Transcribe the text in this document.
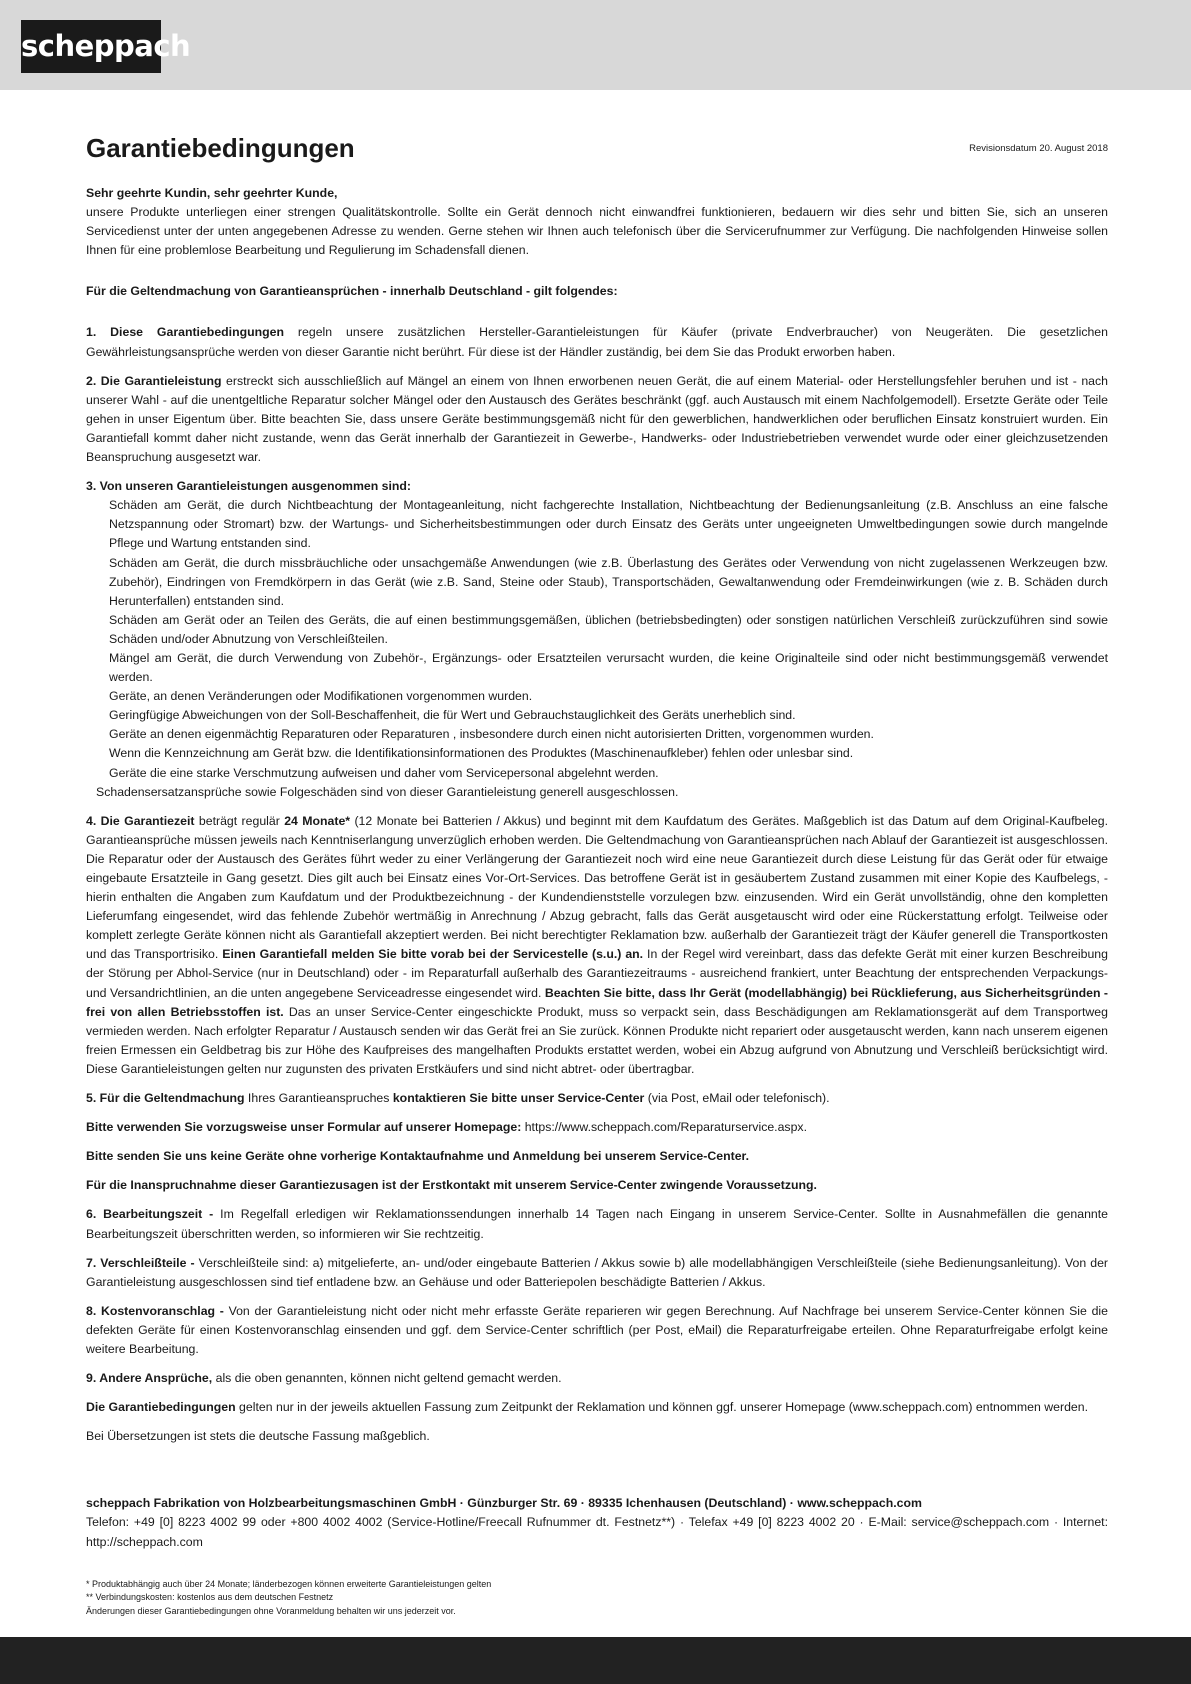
scheppach
Garantiebedingungen	Revisionsdatum 20. August 2018

Sehr geehrte Kundin, sehr geehrter Kunde,

unsere Produkte unterliegen einer strengen Qualitätskontrolle. Sollte ein Gerät dennoch nicht einwandfrei funktionieren, bedauern wir dies sehr und bitten Sie, sich an unseren Servicedienst unter der unten angegebenen Adresse zu wenden. Gerne stehen wir Ihnen auch telefonisch über die Servicerufnummer zur Verfügung. Die nachfolgenden Hinweise sollen Ihnen für eine problemlose Bearbeitung und Regulierung im Schadensfall dienen.

Für die Geltendmachung von Garantieansprüchen - innerhalb Deutschland - gilt folgendes:

1. Diese Garantiebedingungen regeln unsere zusätzlichen Hersteller-Garantieleistungen für Käufer (private Endverbraucher) von Neugeräten. Die gesetzlichen Gewährleistungsansprüche werden von dieser Garantie nicht berührt. Für diese ist der Händler zuständig, bei dem Sie das Produkt erworben haben.

2. Die Garantieleistung erstreckt sich ausschließlich auf Mängel an einem von Ihnen erworbenen neuen Gerät, die auf einem Material- oder Herstellungsfehler beruhen und ist - nach unserer Wahl - auf die unentgeltliche Reparatur solcher Mängel oder den Austausch des Gerätes beschränkt (ggf. auch Austausch mit einem Nachfolgemodell). Ersetzte Geräte oder Teile gehen in unser Eigentum über. Bitte beachten Sie, dass unsere Geräte bestimmungsgemäß nicht für den gewerblichen, handwerklichen oder beruflichen Einsatz konstruiert wurden. Ein Garantiefall kommt daher nicht zustande, wenn das Gerät innerhalb der Garantiezeit in Gewerbe-, Handwerks- oder Industriebetrieben verwendet wurde oder einer gleichzusetzenden Beanspruchung ausgesetzt war.

3. Von unseren Garantieleistungen ausgenommen sind:

Schäden am Gerät, die durch Nichtbeachtung der Montageanleitung, nicht fachgerechte Installation, Nichtbeachtung der Bedienungsanleitung (z.B. Anschluss an eine falsche Netzspannung oder Stromart) bzw. der Wartungs- und Sicherheitsbestimmungen oder durch Einsatz des Geräts unter ungeeigneten Umweltbedingungen sowie durch mangelnde Pflege und Wartung entstanden sind.
Schäden am Gerät, die durch missbräuchliche oder unsachgemäße Anwendungen (wie z.B. Überlastung des Gerätes oder Verwendung von nicht zugelassenen Werkzeugen bzw. Zubehör), Eindringen von Fremdkörpern in das Gerät (wie z.B. Sand, Steine oder Staub), Transportschäden, Gewaltanwendung oder Fremdeinwirkungen (wie z. B. Schäden durch Herunterfallen) entstanden sind.
Schäden am Gerät oder an Teilen des Geräts, die auf einen bestimmungsgemäßen, üblichen (betriebsbedingten) oder sonstigen natürlichen Verschleiß zurückzuführen sind sowie Schäden und/oder Abnutzung von Verschleißteilen.
Mängel am Gerät, die durch Verwendung von Zubehör-, Ergänzungs- oder Ersatzteilen verursacht wurden, die keine Originalteile sind oder nicht bestimmungsgemäß verwendet werden.
Geräte, an denen Veränderungen oder Modifikationen vorgenommen wurden.
Geringfügige Abweichungen von der Soll-Beschaffenheit, die für Wert und Gebrauchstauglichkeit des Geräts unerheblich sind.
Geräte an denen eigenmächtig Reparaturen oder Reparaturen , insbesondere durch einen nicht autorisierten Dritten, vorgenommen wurden.
Wenn die Kennzeichnung am Gerät bzw. die Identifikationsinformationen des Produktes (Maschinenaufkleber) fehlen oder unlesbar sind.
Geräte die eine starke Verschmutzung aufweisen und daher vom Servicepersonal abgelehnt werden.

Schadensersatzansprüche sowie Folgeschäden sind von dieser Garantieleistung generell ausgeschlossen.

4. Die Garantiezeit beträgt regulär 24 Monate* (12 Monate bei Batterien / Akkus) und beginnt mit dem Kaufdatum des Gerätes. Maßgeblich ist das Datum auf dem Original-Kaufbeleg. Garantieansprüche müssen jeweils nach Kenntniserlangung unverzüglich erhoben werden. Die Geltendmachung von Garantieansprüchen nach Ablauf der Garantiezeit ist ausgeschlossen. Die Reparatur oder der Austausch des Gerätes führt weder zu einer Verlängerung der Garantiezeit noch wird eine neue Garantiezeit durch diese Leistung für das Gerät oder für etwaige eingebaute Ersatzteile in Gang gesetzt. Dies gilt auch bei Einsatz eines Vor-Ort-Services. Das betroffene Gerät ist in gesäubertem Zustand zusammen mit einer Kopie des Kaufbelegs, - hierin enthalten die Angaben zum Kaufdatum und der Produktbezeichnung - der Kundendienststelle vorzulegen bzw. einzusenden. Wird ein Gerät unvollständig, ohne den kompletten Lieferumfang eingesendet, wird das fehlende Zubehör wertmäßig in Anrechnung / Abzug gebracht, falls das Gerät ausgetauscht wird oder eine Rückerstattung erfolgt. Teilweise oder komplett zerlegte Geräte können nicht als Garantiefall akzeptiert werden. Bei nicht berechtigter Reklamation bzw. außerhalb der Garantiezeit trägt der Käufer generell die Transportkosten und das Transportrisiko. Einen Garantiefall melden Sie bitte vorab bei der Servicestelle (s.u.) an. In der Regel wird vereinbart, dass das defekte Gerät mit einer kurzen Beschreibung der Störung per Abhol-Service (nur in Deutschland) oder - im Reparaturfall außerhalb des Garantiezeitraums - ausreichend frankiert, unter Beachtung der entsprechenden Verpackungs- und Versandrichtlinien, an die unten angegebene Serviceadresse eingesendet wird. Beachten Sie bitte, dass Ihr Gerät (modellabhängig) bei Rücklieferung, aus Sicherheitsgründen - frei von allen Betriebsstoffen ist. Das an unser Service-Center eingeschickte Produkt, muss so verpackt sein, dass Beschädigungen am Reklamationsgerät auf dem Transportweg vermieden werden. Nach erfolgter Reparatur / Austausch senden wir das Gerät frei an Sie zurück. Können Produkte nicht repariert oder ausgetauscht werden, kann nach unserem eigenen freien Ermessen ein Geldbetrag bis zur Höhe des Kaufpreises des mangelhaften Produkts erstattet werden, wobei ein Abzug aufgrund von Abnutzung und Verschleiß berücksichtigt wird. Diese Garantieleistungen gelten nur zugunsten des privaten Erstkäufers und sind nicht abtret- oder übertragbar.

5. Für die Geltendmachung Ihres Garantieanspruches kontaktieren Sie bitte unser Service-Center (via Post, eMail oder telefonisch).

Bitte verwenden Sie vorzugsweise unser Formular auf unserer Homepage: https://www.scheppach.com/Reparaturservice.aspx.

Bitte senden Sie uns keine Geräte ohne vorherige Kontaktaufnahme und Anmeldung bei unserem Service-Center.

Für die Inanspruchnahme dieser Garantiezusagen ist der Erstkontakt mit unserem Service-Center zwingende Voraussetzung.

6. Bearbeitungszeit - Im Regelfall erledigen wir Reklamationssendungen innerhalb 14 Tagen nach Eingang in unserem Service-Center. Sollte in Ausnahmefällen die genannte Bearbeitungszeit überschritten werden, so informieren wir Sie rechtzeitig.

7. Verschleißteile - Verschleißteile sind: a) mitgelieferte, an- und/oder eingebaute Batterien / Akkus sowie b) alle modellabhängigen Verschleißteile (siehe Bedienungsanleitung). Von der Garantieleistung ausgeschlossen sind tief entladene bzw. an Gehäuse und oder Batteriepolen beschädigte Batterien / Akkus.

8. Kostenvoranschlag - Von der Garantieleistung nicht oder nicht mehr erfasste Geräte reparieren wir gegen Berechnung. Auf Nachfrage bei unserem Service-Center können Sie die defekten Geräte für einen Kostenvoranschlag einsenden und ggf. dem Service-Center schriftlich (per Post, eMail) die Reparaturfreigabe erteilen. Ohne Reparaturfreigabe erfolgt keine weitere Bearbeitung.

9. Andere Ansprüche, als die oben genannten, können nicht geltend gemacht werden.

Die Garantiebedingungen gelten nur in der jeweils aktuellen Fassung zum Zeitpunkt der Reklamation und können ggf. unserer Homepage (www.scheppach.com) entnommen werden.

Bei Übersetzungen ist stets die deutsche Fassung maßgeblich.

scheppach Fabrikation von Holzbearbeitungsmaschinen GmbH · Günzburger Str. 69 · 89335 Ichenhausen (Deutschland) · www.scheppach.com

Telefon: +49 [0] 8223 4002 99 oder +800 4002 4002 (Service-Hotline/Freecall Rufnummer dt. Festnetz**) · Telefax +49 [0] 8223 4002 20 · E-Mail: service@scheppach.com · Internet: http://scheppach.com

* Produktabhängig auch über 24 Monate; länderbezogen können erweiterte Garantieleistungen gelten

** Verbindungskosten: kostenlos aus dem deutschen Festnetz

Änderungen dieser Garantiebedingungen ohne Voranmeldung behalten wir uns jederzeit vor.
